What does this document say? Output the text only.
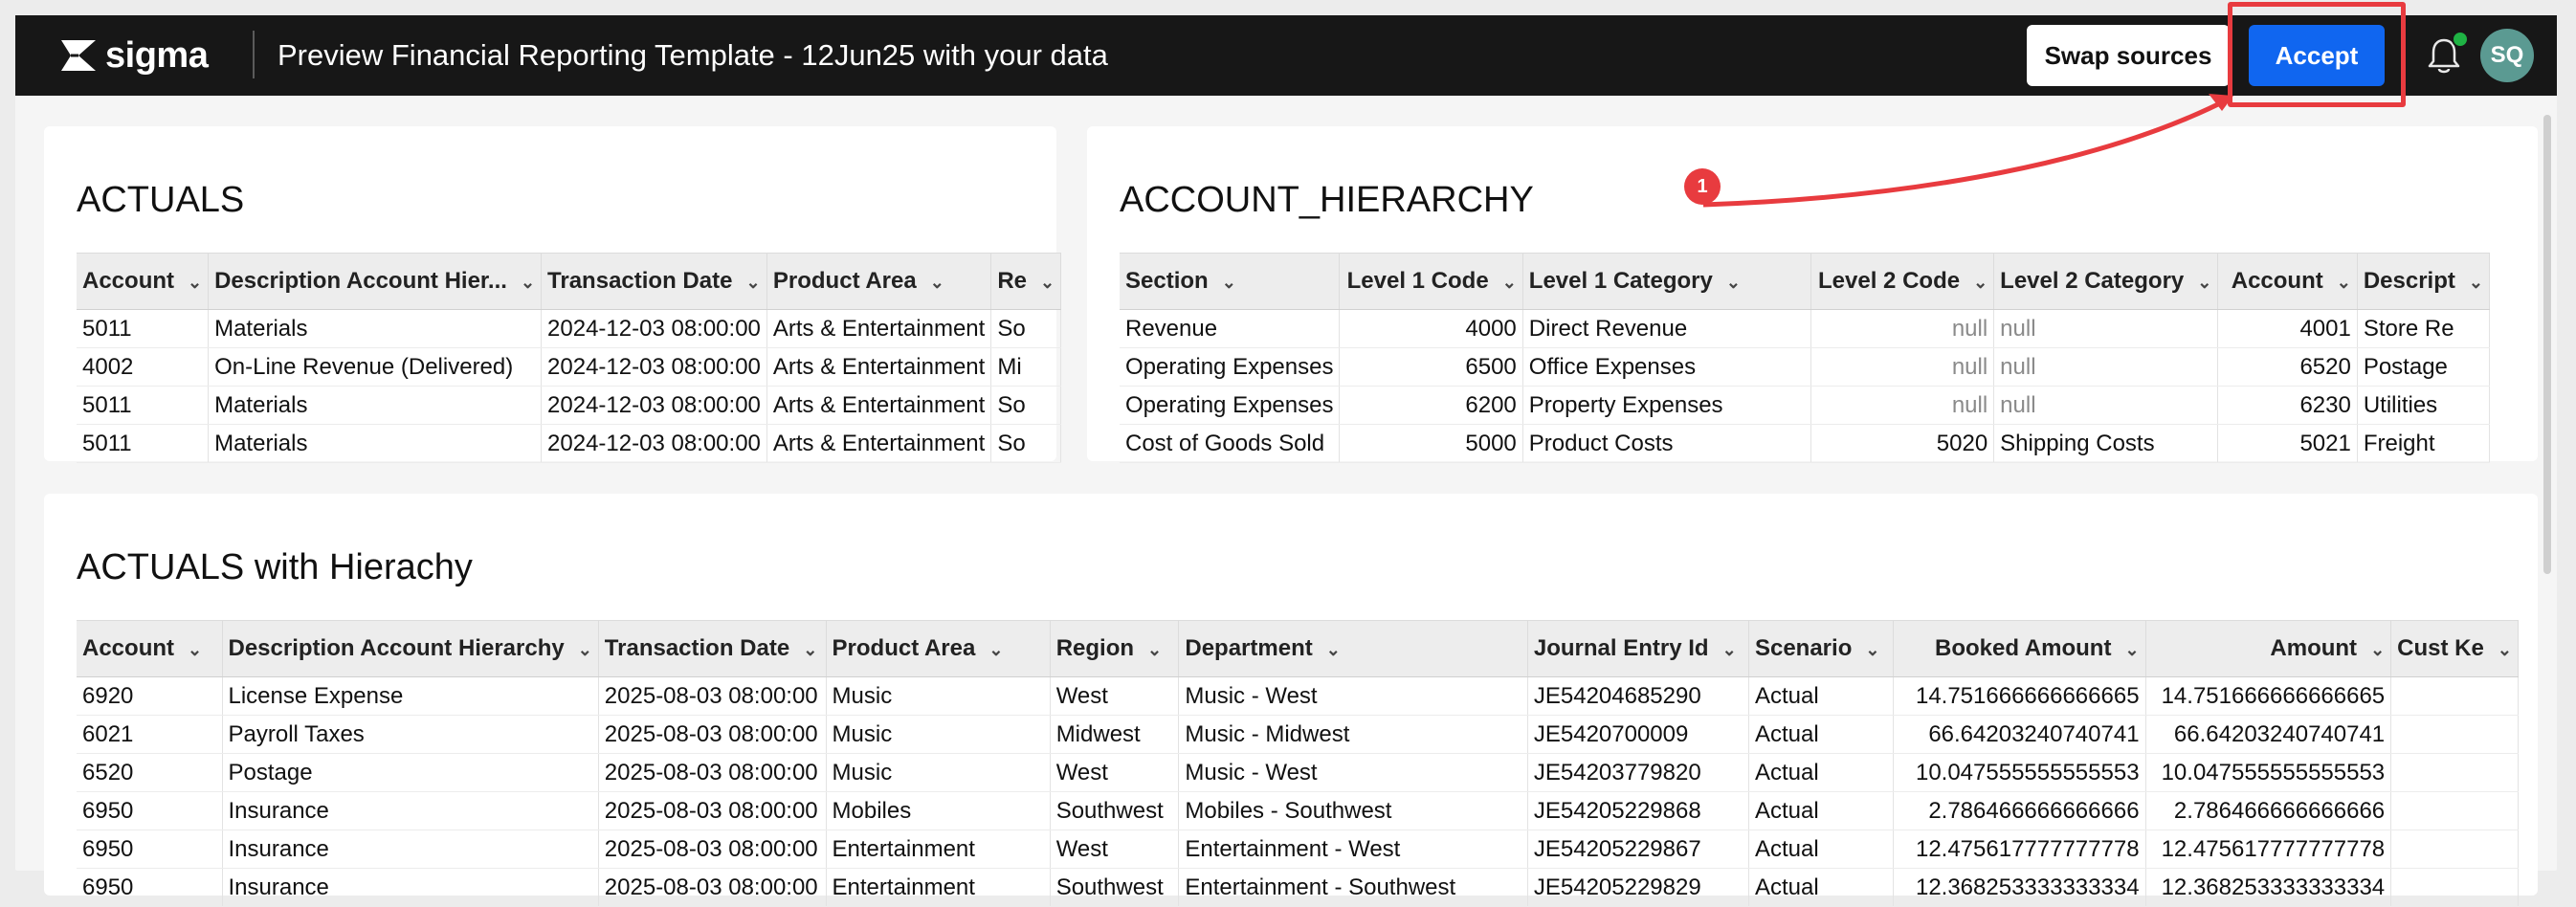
sigma Preview Financial Reporting Template - 12Jun25 with your data	Swap sources	Accept	SQ
ACTUALS
Account ⌄	Description Account Hier... ⌄	Transaction Date ⌄	Product Area ⌄	Re ⌄
5011	Materials	2024-12-03 08:00:00	Arts & Entertainment	So
4002	On-Line Revenue (Delivered)	2024-12-03 08:00:00	Arts & Entertainment	Mi
5011	Materials	2024-12-03 08:00:00	Arts & Entertainment	So
5011	Materials	2024-12-03 08:00:00	Arts & Entertainment	So
ACCOUNT_HIERARCHY
Section ⌄	Level 1 Code ⌄	Level 1 Category ⌄	Level 2 Code ⌄	Level 2 Category ⌄	Account ⌄	Descript ⌄
Revenue	4000	Direct Revenue	null	null	4001	Store Re
Operating Expenses	6500	Office Expenses	null	null	6520	Postage
Operating Expenses	6200	Property Expenses	null	null	6230	Utilities
Cost of Goods Sold	5000	Product Costs	5020	Shipping Costs	5021	Freight
ACTUALS with Hierachy
Account ⌄	Description Account Hierarchy ⌄	Transaction Date ⌄	Product Area ⌄	Region ⌄	Department ⌄	Journal Entry Id ⌄	Scenario ⌄	Booked Amount ⌄	Amount ⌄	Cust Ke ⌄
6920	License Expense	2025-08-03 08:00:00	Music	West	Music - West	JE54204685290	Actual	14.751666666666665	14.751666666666665	
6021	Payroll Taxes	2025-08-03 08:00:00	Music	Midwest	Music - Midwest	JE5420700009	Actual	66.64203240740741	66.64203240740741	
6520	Postage	2025-08-03 08:00:00	Music	West	Music - West	JE54203779820	Actual	10.047555555555553	10.047555555555553	
6950	Insurance	2025-08-03 08:00:00	Mobiles	Southwest	Mobiles - Southwest	JE54205229868	Actual	2.786466666666666	2.786466666666666	
6950	Insurance	2025-08-03 08:00:00	Entertainment	West	Entertainment - West	JE54205229867	Actual	12.475617777777778	12.475617777777778	
6950	Insurance	2025-08-03 08:00:00	Entertainment	Southwest	Entertainment - Southwest	JE54205229829	Actual	12.368253333333334	12.368253333333334	
1
